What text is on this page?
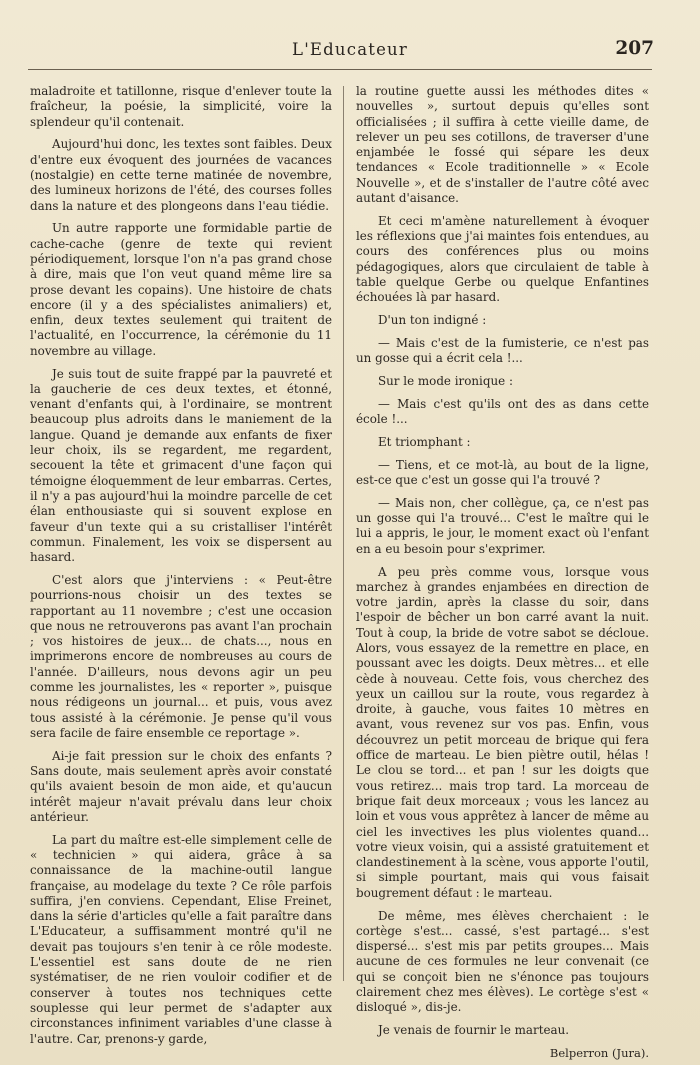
L'Educateur	207

maladroite et tatillonne, risque d'enlever toute la fraîcheur, la poésie, la simplicité, voire la splendeur qu'il contenait.

Aujourd'hui donc, les textes sont faibles. Deux d'entre eux évoquent des journées de vacances (nostalgie) en cette terne matinée de novembre, des lumineux horizons de l'été, des courses folles dans la nature et des plongeons dans l'eau tiédie.

Un autre rapporte une formidable partie de cache-cache (genre de texte qui revient périodiquement, lorsque l'on n'a pas grand chose à dire, mais que l'on veut quand même lire sa prose devant les copains). Une histoire de chats encore (il y a des spécialistes animaliers) et, enfin, deux textes seulement qui traitent de l'actualité, en l'occurrence, la cérémonie du 11 novembre au village.

Je suis tout de suite frappé par la pauvreté et la gaucherie de ces deux textes, et étonné, venant d'enfants qui, à l'ordinaire, se montrent beaucoup plus adroits dans le maniement de la langue. Quand je demande aux enfants de fixer leur choix, ils se regardent, me regardent, secouent la tête et grimacent d'une façon qui témoigne éloquemment de leur embarras. Certes, il n'y a pas aujourd'hui la moindre parcelle de cet élan enthousiaste qui si souvent explose en faveur d'un texte qui a su cristalliser l'intérêt commun. Finalement, les voix se dispersent au hasard.

C'est alors que j'interviens : « Peut-être pourrions-nous choisir un des textes se rapportant au 11 novembre ; c'est une occasion que nous ne retrouverons pas avant l'an prochain ; vos histoires de jeux... de chats..., nous en imprimerons encore de nombreuses au cours de l'année. D'ailleurs, nous devons agir un peu comme les journalistes, les « reporter », puisque nous rédigeons un journal... et puis, vous avez tous assisté à la cérémonie. Je pense qu'il vous sera facile de faire ensemble ce reportage ».

Ai-je fait pression sur le choix des enfants ? Sans doute, mais seulement après avoir constaté qu'ils avaient besoin de mon aide, et qu'aucun intérêt majeur n'avait prévalu dans leur choix antérieur.

La part du maître est-elle simplement celle de « technicien » qui aidera, grâce à sa connaissance de la machine-outil langue française, au modelage du texte ? Ce rôle parfois suffira, j'en conviens. Cependant, Elise Freinet, dans la série d'articles qu'elle a fait paraître dans L'Educateur, a suffisamment montré qu'il ne devait pas toujours s'en tenir à ce rôle modeste. L'essentiel est sans doute de ne rien systématiser, de ne rien vouloir codifier et de conserver à toutes nos techniques cette souplesse qui leur permet de s'adapter aux circonstances infiniment variables d'une classe à l'autre. Car, prenons-y garde,

la routine guette aussi les méthodes dites « nouvelles », surtout depuis qu'elles sont officialisées ; il suffira à cette vieille dame, de relever un peu ses cotillons, de traverser d'une enjambée le fossé qui sépare les deux tendances « Ecole traditionnelle » « Ecole Nouvelle », et de s'installer de l'autre côté avec autant d'aisance.

Et ceci m'amène naturellement à évoquer les réflexions que j'ai maintes fois entendues, au cours des conférences plus ou moins pédagogiques, alors que circulaient de table à table quelque Gerbe ou quelque Enfantines échouées là par hasard.

D'un ton indigné :

— Mais c'est de la fumisterie, ce n'est pas un gosse qui a écrit cela !...

Sur le mode ironique :

— Mais c'est qu'ils ont des as dans cette école !...

Et triomphant :

— Tiens, et ce mot-là, au bout de la ligne, est-ce que c'est un gosse qui l'a trouvé ?

— Mais non, cher collègue, ça, ce n'est pas un gosse qui l'a trouvé... C'est le maître qui le lui a appris, le jour, le moment exact où l'enfant en a eu besoin pour s'exprimer.

A peu près comme vous, lorsque vous marchez à grandes enjambées en direction de votre jardin, après la classe du soir, dans l'espoir de bêcher un bon carré avant la nuit. Tout à coup, la bride de votre sabot se décloue. Alors, vous essayez de la remettre en place, en poussant avec les doigts. Deux mètres... et elle cède à nouveau. Cette fois, vous cherchez des yeux un caillou sur la route, vous regardez à droite, à gauche, vous faites 10 mètres en avant, vous revenez sur vos pas. Enfin, vous découvrez un petit morceau de brique qui fera office de marteau. Le bien piètre outil, hélas ! Le clou se tord... et pan ! sur les doigts que vous retirez... mais trop tard. La morceau de brique fait deux morceaux ; vous les lancez au loin et vous vous apprêtez à lancer de même au ciel les invectives les plus violentes quand... votre vieux voisin, qui a assisté gratuitement et clandestinement à la scène, vous apporte l'outil, si simple pourtant, mais qui vous faisait bougrement défaut : le marteau.

De même, mes élèves cherchaient : le cortège s'est... cassé, s'est partagé... s'est dispersé... s'est mis par petits groupes... Mais aucune de ces formules ne leur convenait (ce qui se conçoit bien ne s'énonce pas toujours clairement chez mes élèves). Le cortège s'est « disloqué », dis-je.

Je venais de fournir le marteau.

Belperron (Jura).
